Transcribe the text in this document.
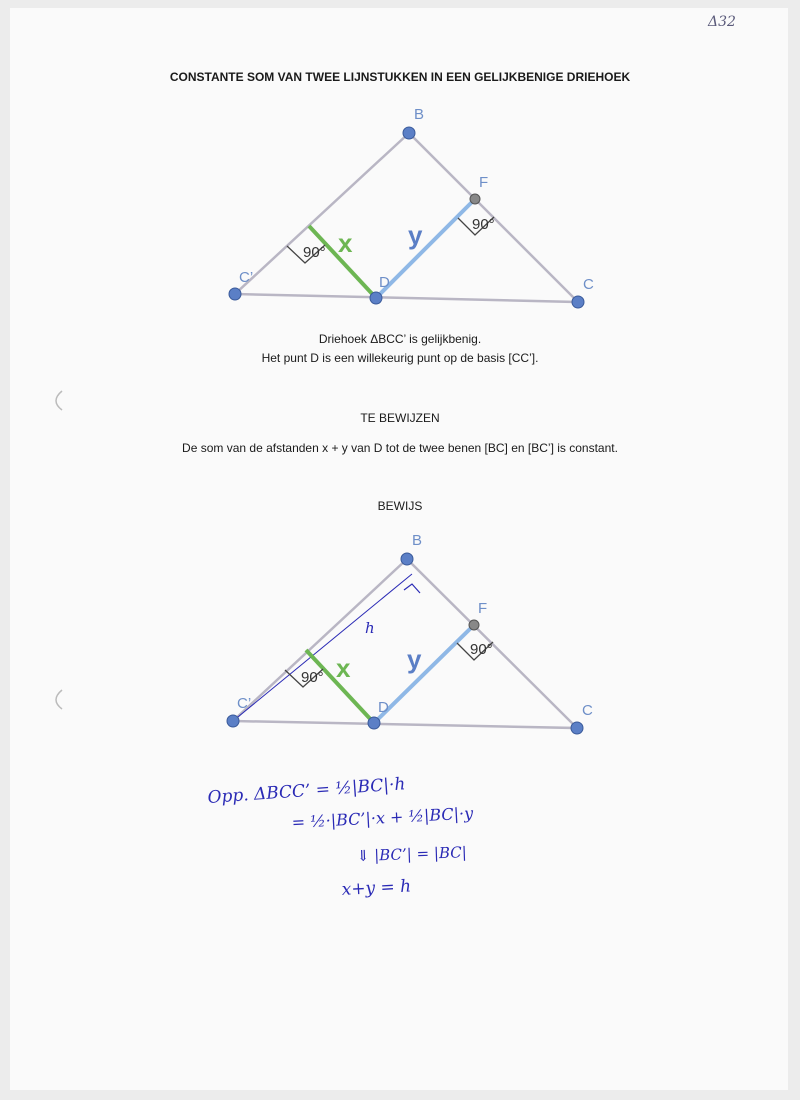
Δ32
CONSTANTE SOM VAN TWEE LIJNSTUKKEN IN EEN GELIJKBENIGE DRIEHOEK
90°
90°
x y
B
C’	C
D
F
h
90°
90°
x y
B
C’	C
D
F
Opp. ΔBCC’ = ½|BC|·h
= ½·|BC’|·x + ½|BC|·y
⇓ |BC’| = |BC|
x+y = h
Driehoek ΔBCC’ is gelijkbenig.
Het punt D is een willekeurig punt op de basis [CC’].
TE BEWIJZEN
De som van de afstanden x + y van D tot de twee benen [BC] en [BC’] is constant.
BEWIJS
